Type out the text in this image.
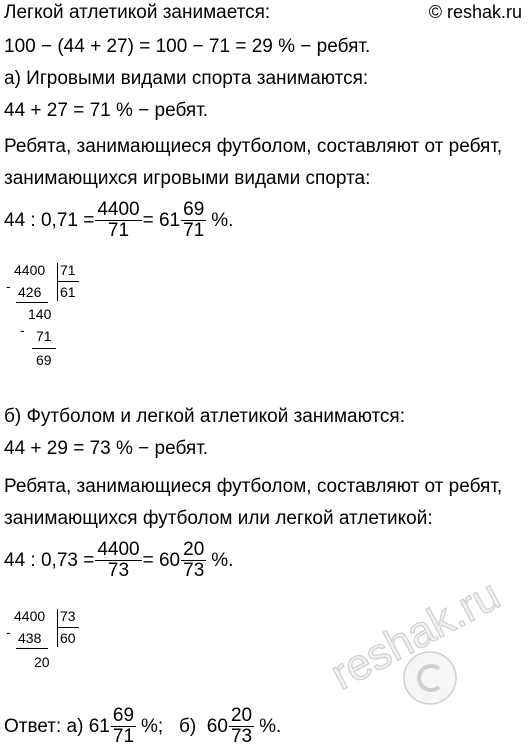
Легкой атлетикой занимается:	© reshak.ru
100 − (44 + 27) = 100 − 71 = 29 % − ребят.
а) Игровыми видами спорта занимаются:
44 + 27 = 71 % − ребят.
Ребята, занимающиеся футболом, составляют от ребят,
занимающихся игровыми видами спорта:
44 : $0,71 = \frac{4400}{71} = 61 \frac{69}{71}$ %.
4400 71
- 426 61
140
- 71
69
б) Футболом и легкой атлетикой занимаются:
44 + 29 = 73 % − ребят.
Ребята, занимающиеся футболом, составляют от ребят,
занимающихся футболом или легкой атлетикой:
44 : $0,73 = \frac{4400}{73} = 60 \frac{20}{73}$ %.
4400 73
- 438 60
20	reshak.ru
Ответ: а) $61 \frac{69}{71}$ %;   б)  $60 \frac{20}{73}$ %.
